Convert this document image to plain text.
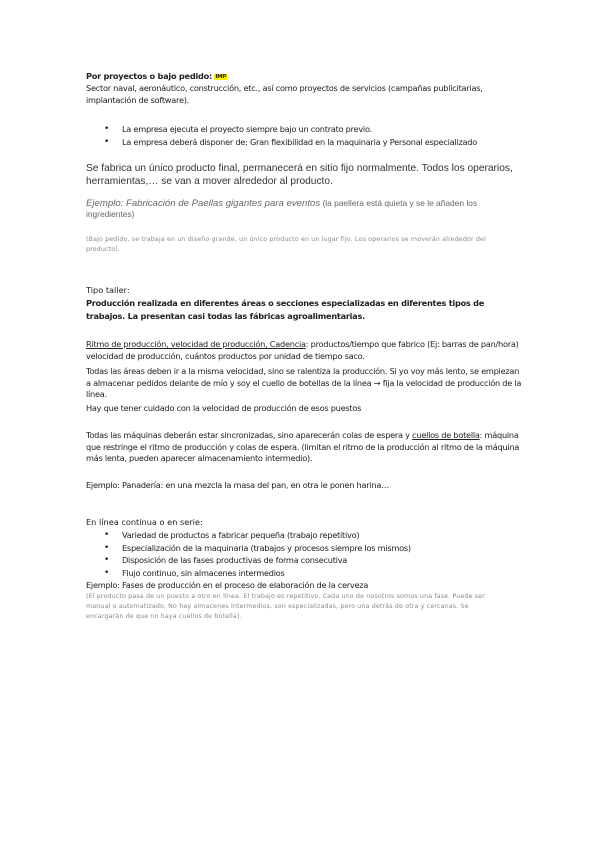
Por proyectos o bajo pedido: IMP
Sector naval, aeronáutico, construcción, etc., así como proyectos de servicios (campañas publicitarias, implantación de software).
• La empresa ejecuta el proyecto siempre bajo un contrato previo.
• La empresa deberá disponer de: Gran flexibilidad en la maquinaria y Personal especializado
Se fabrica un único producto final, permanecerá en sitio fijo normalmente. Todos los operarios, herramientas,… se van a mover alrededor al producto.
Ejemplo: Fabricación de Paellas gigantes para eventos (la paellera está quieta y se le añaden los ingredientes)
(Bajo pedido, se trabaja en un diseño grande, un único producto en un lugar fijo. Los operarios se moverán alrededor del producto).
Tipo taller:
Producción realizada en diferentes áreas o secciones especializadas en diferentes tipos de trabajos. La presentan casi todas las fábricas agroalimentarias.
Ritmo de producción, velocidad de producción, Cadencia: productos/tiempo que fabrico (Ej: barras de pan/hora) velocidad de producción, cuántos productos por unidad de tiempo saco.
Todas las áreas deben ir a la misma velocidad, sino se ralentiza la producción. Si yo voy más lento, se empiezan a almacenar pedidos delante de mío y soy el cuello de botellas de la línea → fija la velocidad de producción de la línea.
Hay que tener cuidado con la velocidad de producción de esos puestos
Todas las máquinas deberán estar sincronizadas, sino aparecerán colas de espera y cuellos de botella: máquina que restringe el ritmo de producción y colas de espera. (limitan el ritmo de la producción al ritmo de la máquina más lenta, pueden aparecer almacenamiento intermedio).
Ejemplo: Panadería: en una mezcla la masa del pan, en otra le ponen harina…
En línea continua o en serie:
• Variedad de productos a fabricar pequeña (trabajo repetitivo)
• Especialización de la maquinaria (trabajos y procesos siempre los mismos)
• Disposición de las fases productivas de forma consecutiva
• Flujo continuo, sin almacenes intermedios
Ejemplo: Fases de producción en el proceso de elaboración de la cerveza
(El producto pasa de un puesto a otro en línea. El trabajo es repetitivo. Cada uno de nosotros somos una fase. Puede ser manual o automatizado. No hay almacenes intermedios, son especializadas, pero una detrás de otra y cercanas. Se encargarán de que no haya cuellos de botella).
